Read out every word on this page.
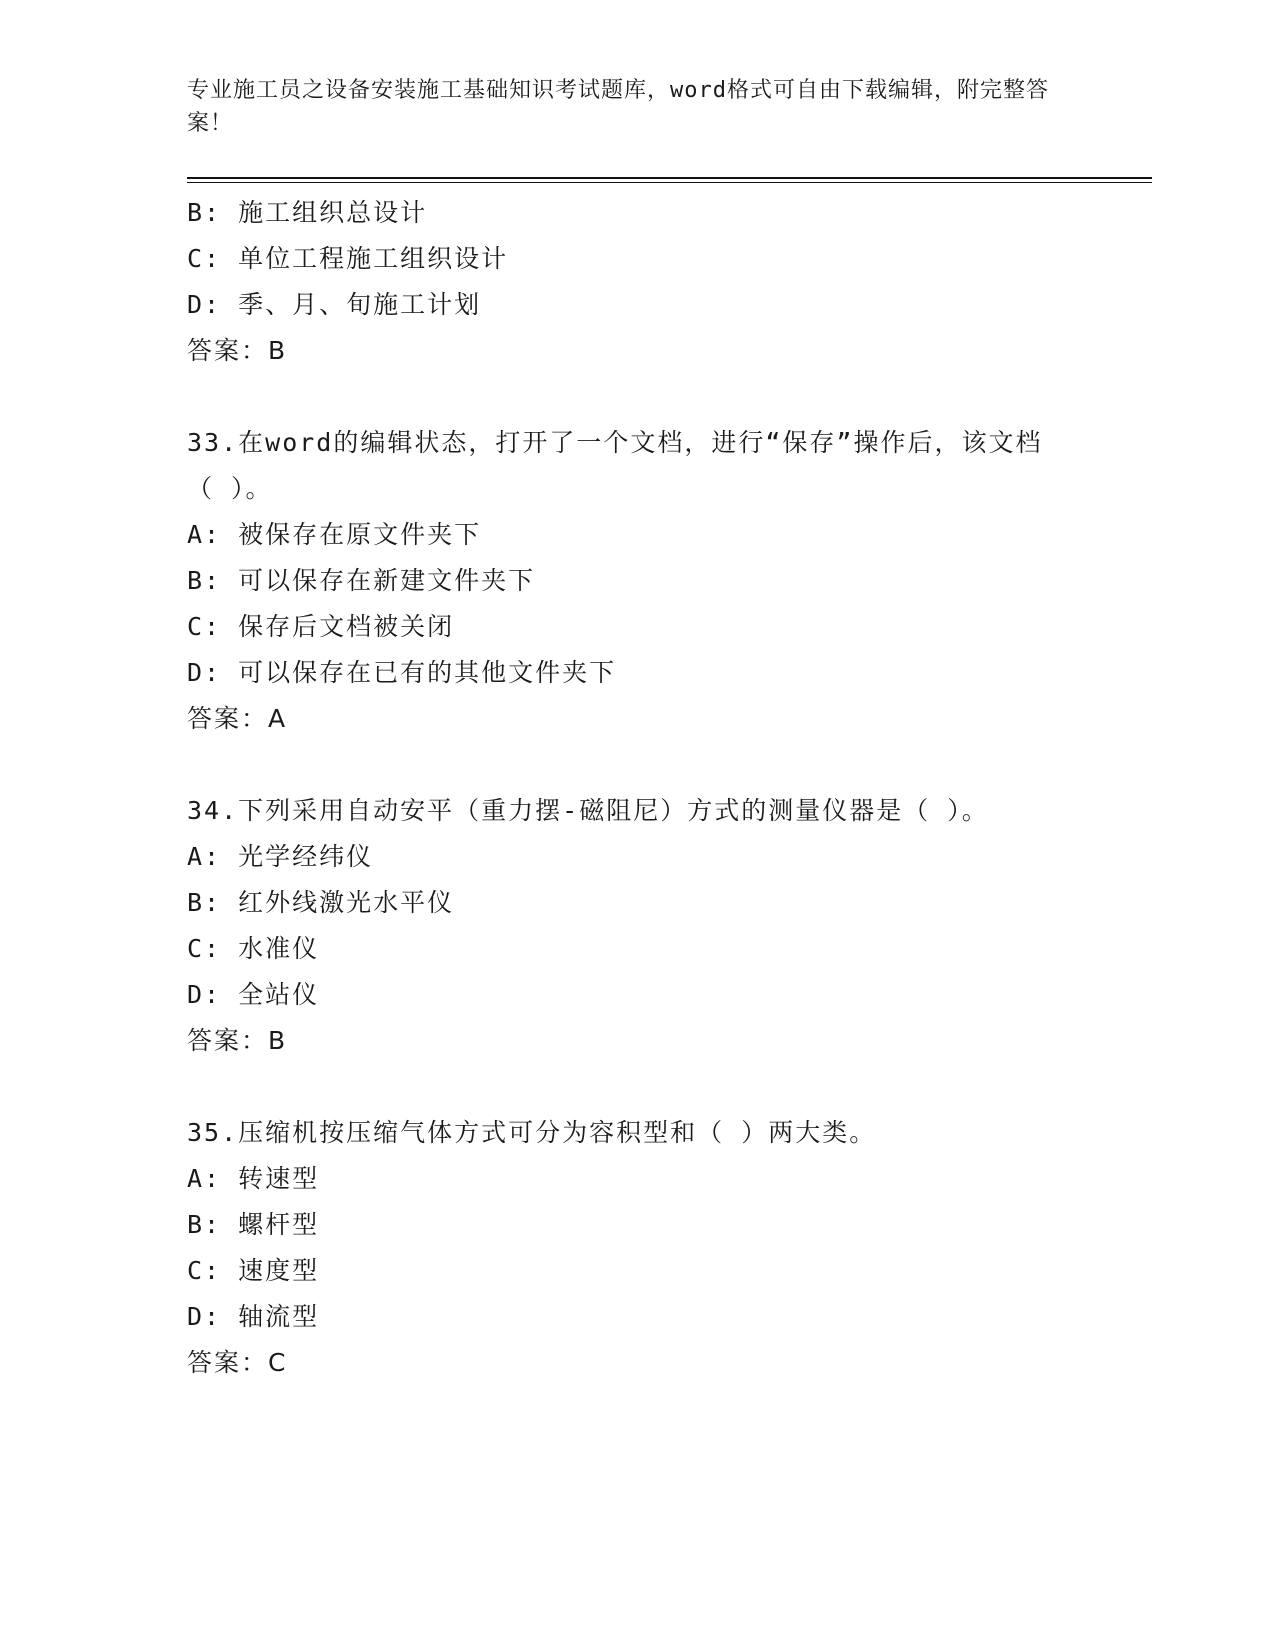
专业施工员之设备安装施工基础知识考试题库，word格式可自由下载编辑，附完整答案！
B: 施工组织总设计
C: 单位工程施工组织设计
D: 季、月、旬施工计划
答案：B
33.在word的编辑状态，打开了一个文档，进行“保存”操作后，该文档（ ）。
A: 被保存在原文件夹下
B: 可以保存在新建文件夹下
C: 保存后文档被关闭
D: 可以保存在已有的其他文件夹下
答案：A
34.下列采用自动安平（重力摆-磁阻尼）方式的测量仪器是（ ）。
A: 光学经纬仪
B: 红外线激光水平仪
C: 水准仪
D: 全站仪
答案：B
35.压缩机按压缩气体方式可分为容积型和（ ）两大类。
A: 转速型
B: 螺杆型
C: 速度型
D: 轴流型
答案：C
